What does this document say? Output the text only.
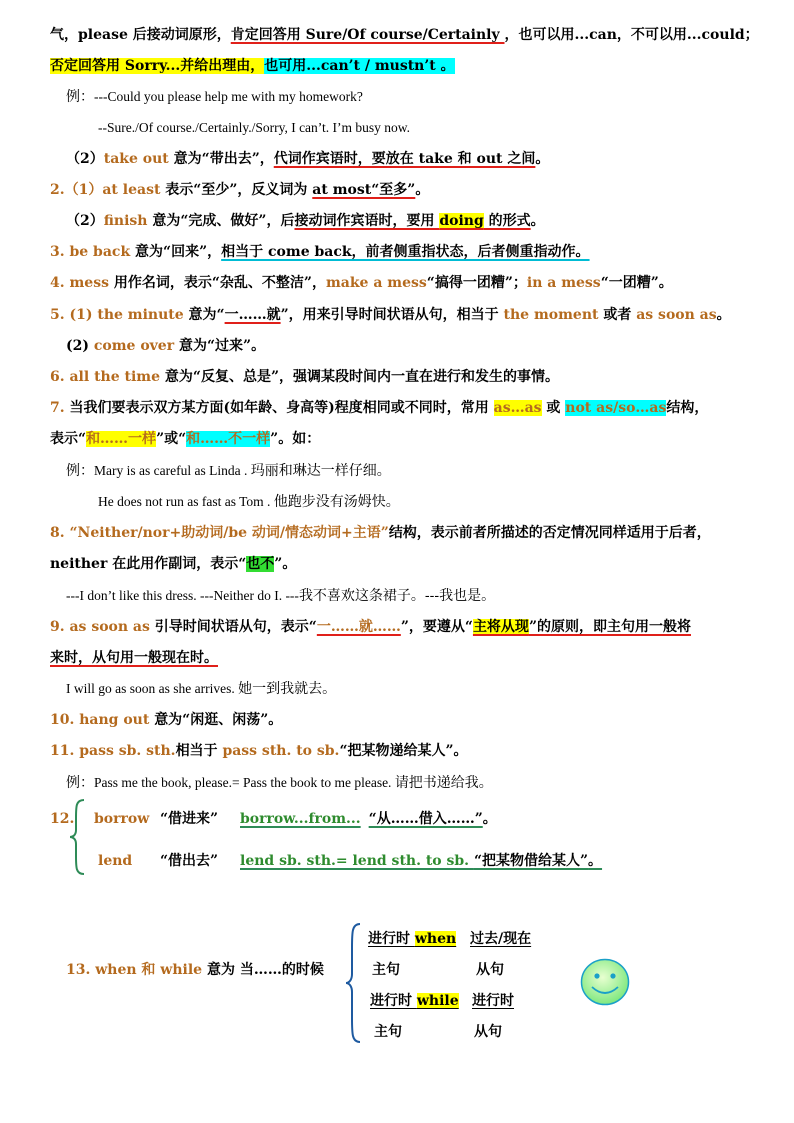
气，please 后接动词原形，肯定回答用 Sure/Of course/Certainly ，也可以用...can，不可以用...could；
否定回答用 Sorry...并给出理由，也可用...can’t / mustn’t 。
例：---Could you please help me with my homework?
--Sure./Of course./Certainly./Sorry, I can’t. I’m busy now.
（2）take out 意为“带出去”，代词作宾语时，要放在 take 和 out 之间。
2.（1）at least 表示“至少”，反义词为 at most“至多”。
（2）finish 意为“完成、做好”，后接动词作宾语时，要用 doing 的形式。
3. be back 意为“回来”，相当于 come back，前者侧重指状态，后者侧重指动作。
4. mess 用作名词，表示“杂乱、不整洁”，make a mess“搞得一团糟”；in a mess“一团糟”。
5. (1) the minute 意为“一……就”，用来引导时间状语从句，相当于 the moment 或者 as soon as。
(2) come over 意为“过来”。
6. all the time 意为“反复、总是”，强调某段时间内一直在进行和发生的事情。
7. 当我们要表示双方某方面(如年龄、身高等)程度相同或不同时，常用 as…as 或 not as/so…as结构，
表示“和……一样”或“和……不一样”。如：
例：Mary is as careful as Linda . 玛丽和琳达一样仔细。
He does not run as fast as Tom . 他跑步没有汤姆快。
8. “Neither/nor+助动词/be 动词/情态动词+主语”结构，表示前者所描述的否定情况同样适用于后者，
neither 在此用作副词，表示“也不”。
---I don’t like this dress. ---Neither do I. ---我不喜欢这条裙子。---我也是。
9. as soon as 引导时间状语从句，表示“一……就……”，要遵从“主将从现”的原则，即主句用一般将
来时，从句用一般现在时。
I will go as soon as she arrives. 她一到我就去。
10. hang out 意为“闲逛、闲荡”。
11. pass sb. sth.相当于 pass sth. to sb.“把某物递给某人”。
例：Pass me the book, please.= Pass the book to me please. 请把书递给我。
12. borrow “借进来” borrow...from... “从……借入……”。
lend “借出去” lend sb. sth.= lend sth. to sb. “把某物借给某人”。
13. when 和 while 意为 当……的时候
进行时 when 过去/现在
主句	从句
进行时 while 进行时
主句	从句
